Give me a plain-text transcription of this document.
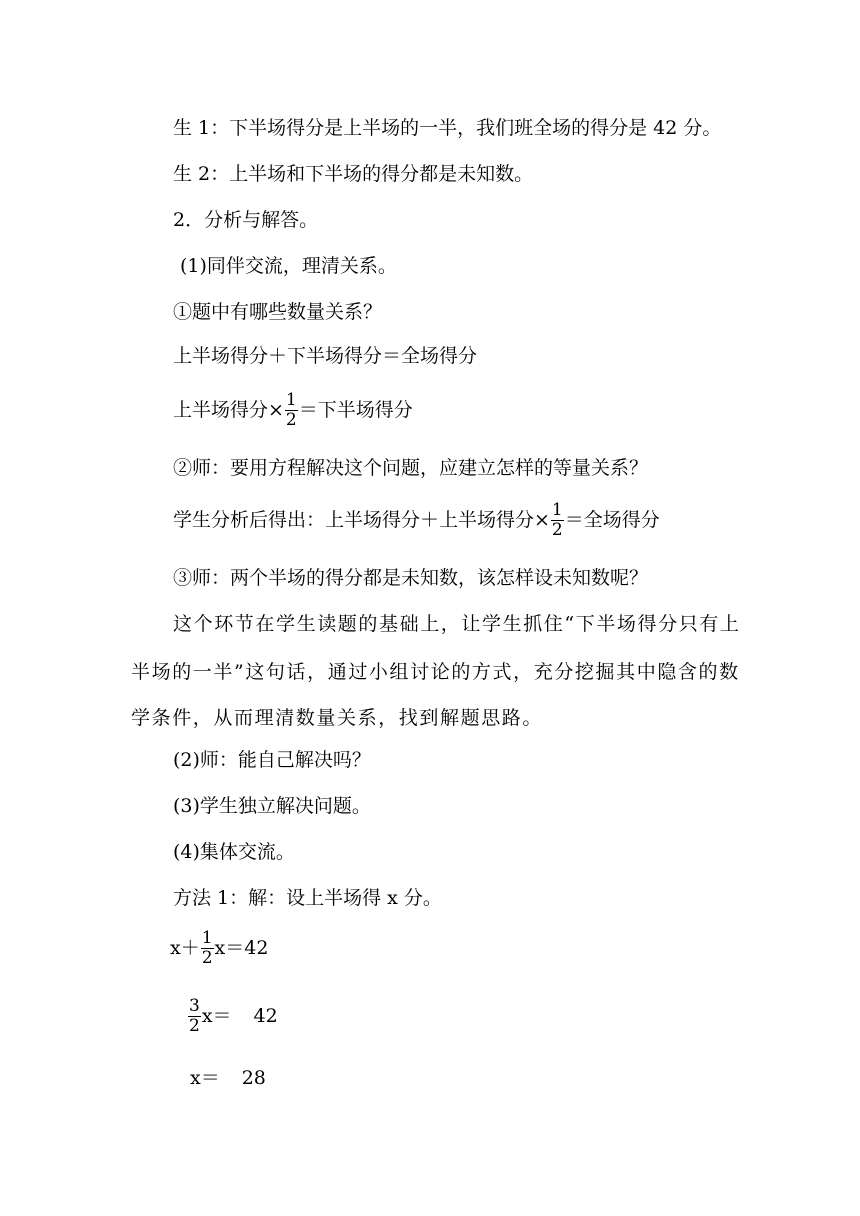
生 1：下半场得分是上半场的一半，我们班全场的得分是 42 分。
生 2：上半场和下半场的得分都是未知数。
2．分析与解答。
(1)同伴交流，理清关系。
①题中有哪些数量关系？
上半场得分＋下半场得分＝全场得分
上半场得分× $\frac{1}{2}$ ＝下半场得分
②师：要用方程解决这个问题，应建立怎样的等量关系？
学生分析后得出：上半场得分＋上半场得分× $\frac{1}{2}$ ＝全场得分
③师：两个半场的得分都是未知数，该怎样设未知数呢？
这个环节在学生读题的基础上，让学生抓住“下半场得分只有上
半场的一半”这句话，通过小组讨论的方式，充分挖掘其中隐含的数
学条件，从而理清数量关系，找到解题思路。
(2)师：能自己解决吗？
(3)学生独立解决问题。
(4)集体交流。
方法 1：解：设上半场得 x 分。
$x+ \frac{1}{2} x=42$
$\frac{3}{2} x= 42$
x＝ 28
